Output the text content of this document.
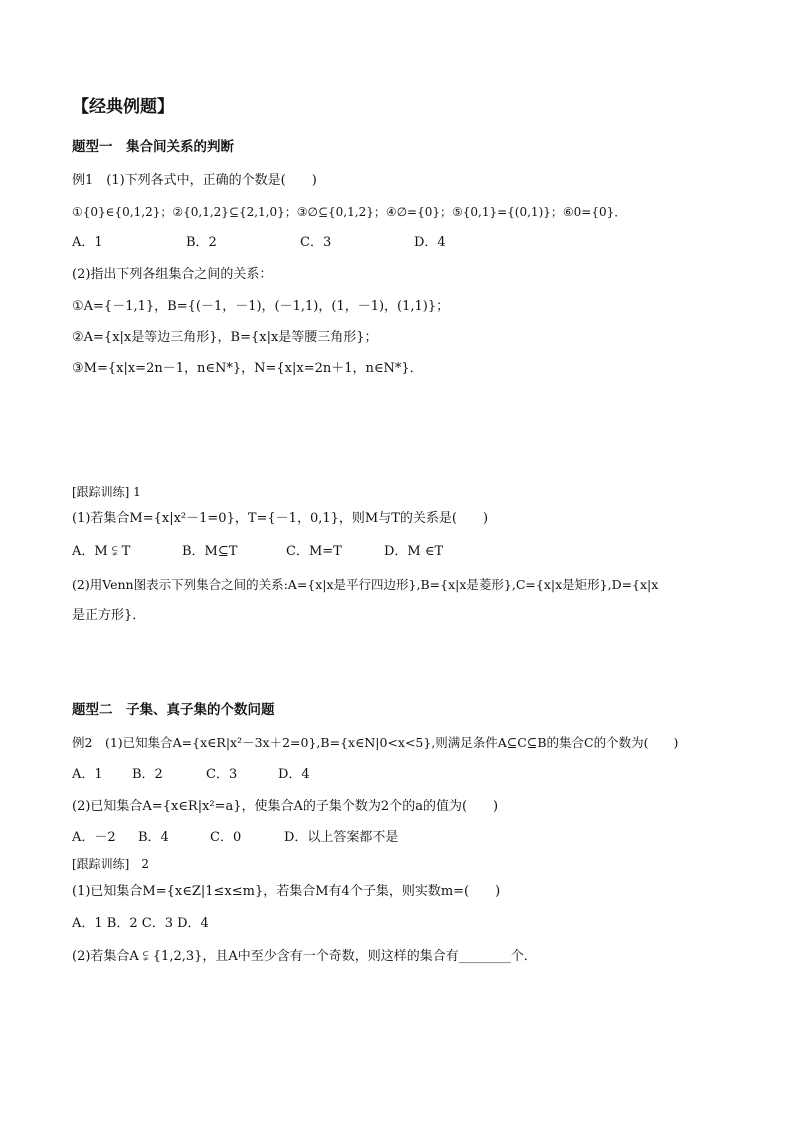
【经典例题】
题型一　集合间关系的判断
例1　(1)下列各式中，正确的个数是(　　)
①{0}∈{0,1,2}；②{0,1,2}⊆{2,1,0}；③∅⊆{0,1,2}；④∅={0}；⑤{0,1}={(0,1)}；⑥0={0}．
A．1	B．2	C．3	D．4
(2)指出下列各组集合之间的关系：
①A={－1,1}，B={(－1，－1)，(－1,1)，(1，－1)，(1,1)}；
②A={x|x是等边三角形}，B={x|x是等腰三角形}；
③M={x|x=2n－1，n∈N*}，N={x|x=2n＋1，n∈N*}．
[跟踪训练] 1
(1)若集合M={x|x²－1=0}，T={－1，0,1}，则M与T的关系是(　　)
A．M ⫋ T	B．M⊆T	C．M=T	D．M ∈T
(2)用Venn图表示下列集合之间的关系:A={x|x是平行四边形},B={x|x是菱形},C={x|x是矩形},D={x|x
是正方形}．
题型二　子集、真子集的个数问题
例2　(1)已知集合A={x∈R|x²－3x＋2=0},B={x∈N|0<x<5},则满足条件A⊆C⊆B的集合C的个数为(　　)
A．1 B．2	C．3	D．4
(2)已知集合A={x∈R|x²=a}，使集合A的子集个数为2个的a的值为(　　)
A．－2 B．4	C．0	D．以上答案都不是
[跟踪训练]　2
(1)已知集合M={x∈Z|1≤x≤m}，若集合M有4个子集，则实数m=(　　)
A．1 B．2 C．3 D．4
(2)若集合A ⫋ {1,2,3}，且A中至少含有一个奇数，则这样的集合有________个．
